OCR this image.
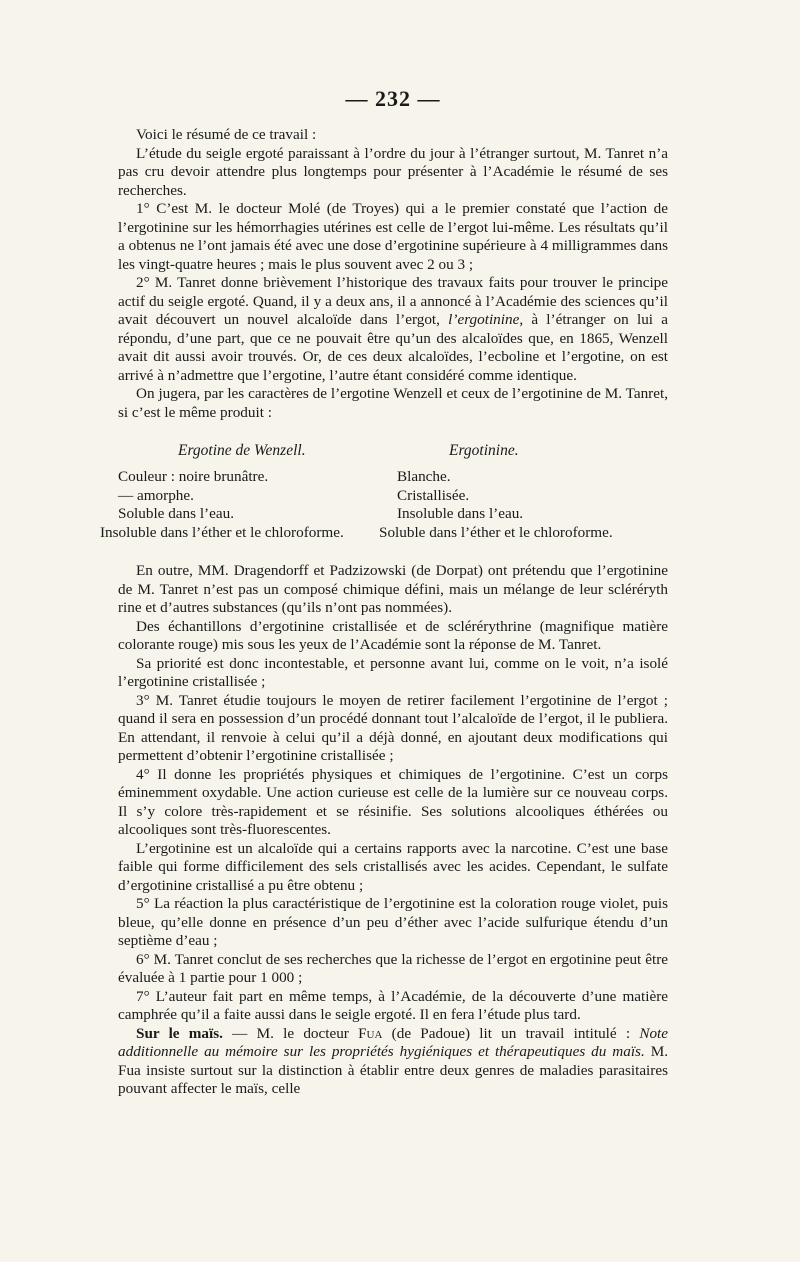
— 232 —

Voici le résumé de ce travail :

L’étude du seigle ergoté paraissant à l’ordre du jour à l’étranger surtout, M. Tanret n’a pas cru devoir attendre plus longtemps pour présenter à l’Académie le résumé de ses recherches.

1° C’est M. le docteur Molé (de Troyes) qui a le premier constaté que l’action de l’ergotinine sur les hémorrhagies utérines est celle de l’ergot lui-même. Les résultats qu’il a obtenus ne l’ont jamais été avec une dose d’ergotinine supérieure à 4 milligrammes dans les vingt-quatre heures ; mais le plus souvent avec 2 ou 3 ;

2° M. Tanret donne brièvement l’historique des travaux faits pour trouver le principe actif du seigle ergoté. Quand, il y a deux ans, il a annoncé à l’Académie des sciences qu’il avait découvert un nouvel alcaloïde dans l’ergot, l’ergotinine, à l’étranger on lui a répondu, d’une part, que ce ne pouvait être qu’un des alcaloïdes que, en 1865, Wenzell avait dit aussi avoir trouvés. Or, de ces deux alcaloïdes, l’ecboline et l’ergotine, on est arrivé à n’admettre que l’ergotine, l’autre étant considéré comme identique.

On jugera, par les caractères de l’ergotine Wenzell et ceux de l’ergotinine de M. Tanret, si c’est le même produit :

Ergotine de Wenzell.	Ergotinine.
Couleur : noire brunâtre.	Blanche.
— amorphe.	Cristallisée.
Soluble dans l’eau.	Insoluble dans l’eau.
Insoluble dans l’éther et le chloroforme.	Soluble dans l’éther et le chloroforme.

En outre, MM. Dragendorff et Padzizowski (de Dorpat) ont prétendu que l’ergotinine de M. Tanret n’est pas un composé chimique défini, mais un mélange de leur scléréryth rine et d’autres substances (qu’ils n’ont pas nommées).

Des échantillons d’ergotinine cristallisée et de sclérérythrine (magnifique matière colorante rouge) mis sous les yeux de l’Académie sont la réponse de M. Tanret.

Sa priorité est donc incontestable, et personne avant lui, comme on le voit, n’a isolé l’ergotinine cristallisée ;

3° M. Tanret étudie toujours le moyen de retirer facilement l’ergotinine de l’ergot ; quand il sera en possession d’un procédé donnant tout l’alcaloïde de l’ergot, il le publiera. En attendant, il renvoie à celui qu’il a déjà donné, en ajoutant deux modifications qui permettent d’obtenir l’ergotinine cristallisée ;

4° Il donne les propriétés physiques et chimiques de l’ergotinine. C’est un corps éminemment oxydable. Une action curieuse est celle de la lumière sur ce nouveau corps. Il s’y colore très-rapidement et se résinifie. Ses solutions alcooliques éthérées ou alcooliques sont très-fluorescentes.

L’ergotinine est un alcaloïde qui a certains rapports avec la narcotine. C’est une base faible qui forme difficilement des sels cristallisés avec les acides. Cependant, le sulfate d’ergotinine cristallisé a pu être obtenu ;

5° La réaction la plus caractéristique de l’ergotinine est la coloration rouge violet, puis bleue, qu’elle donne en présence d’un peu d’éther avec l’acide sulfurique étendu d’un septième d’eau ;

6° M. Tanret conclut de ses recherches que la richesse de l’ergot en ergotinine peut être évaluée à 1 partie pour 1 000 ;

7° L’auteur fait part en même temps, à l’Académie, de la découverte d’une matière camphrée qu’il a faite aussi dans le seigle ergoté. Il en fera l’étude plus tard.

Sur le maïs. — M. le docteur Fua (de Padoue) lit un travail intitulé : Note additionnelle au mémoire sur les propriétés hygiéniques et thérapeutiques du maïs. M. Fua insiste surtout sur la distinction à établir entre deux genres de maladies parasitaires pouvant affecter le maïs, celle
